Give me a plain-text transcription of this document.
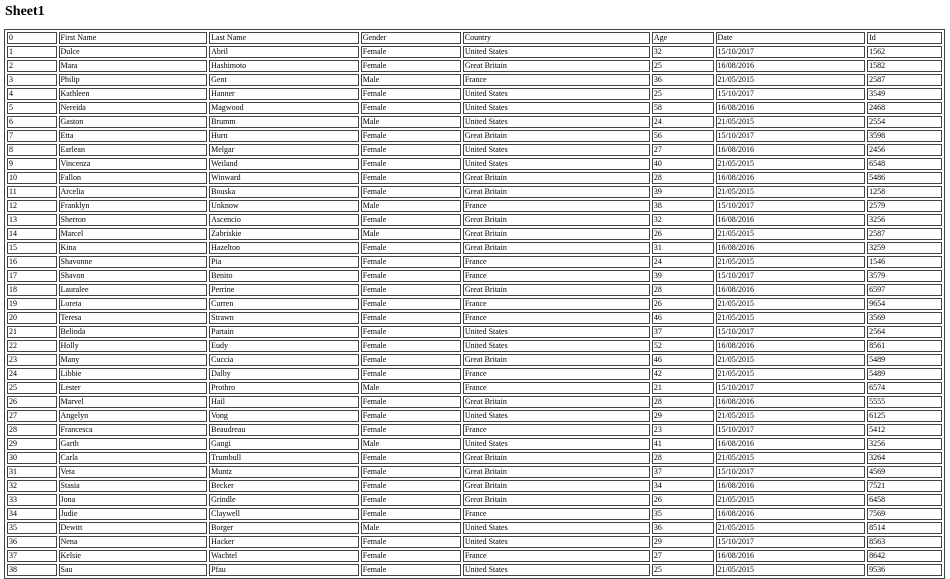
Sheet1
0	First Name	Last Name	Gender	Country	Age	Date	Id
1	Dulce	Abril	Female	United States	32	15/10/2017	1562
2	Mara	Hashimoto	Female	Great Britain	25	16/08/2016	1582
3	Philip	Gent	Male	France	36	21/05/2015	2587
4	Kathleen	Hanner	Female	United States	25	15/10/2017	3549
5	Nereida	Magwood	Female	United States	58	16/08/2016	2468
6	Gaston	Brumm	Male	United States	24	21/05/2015	2554
7	Etta	Hurn	Female	Great Britain	56	15/10/2017	3598
8	Earlean	Melgar	Female	United States	27	16/08/2016	2456
9	Vincenza	Weiland	Female	United States	40	21/05/2015	6548
10	Fallon	Winward	Female	Great Britain	28	16/08/2016	5486
11	Arcelia	Bouska	Female	Great Britain	39	21/05/2015	1258
12	Franklyn	Unknow	Male	France	38	15/10/2017	2579
13	Sherron	Ascencio	Female	Great Britain	32	16/08/2016	3256
14	Marcel	Zabriskie	Male	Great Britain	26	21/05/2015	2587
15	Kina	Hazelton	Female	Great Britain	31	16/08/2016	3259
16	Shavonne	Pia	Female	France	24	21/05/2015	1546
17	Shavon	Benito	Female	France	39	15/10/2017	3579
18	Lauralee	Perrine	Female	Great Britain	28	16/08/2016	6597
19	Loreta	Curren	Female	France	26	21/05/2015	9654
20	Teresa	Strawn	Female	France	46	21/05/2015	3569
21	Belinda	Partain	Female	United States	37	15/10/2017	2564
22	Holly	Eudy	Female	United States	52	16/08/2016	8561
23	Many	Cuccia	Female	Great Britain	46	21/05/2015	5489
24	Libbie	Dalby	Female	France	42	21/05/2015	5489
25	Lester	Prothro	Male	France	21	15/10/2017	6574
26	Marvel	Hail	Female	Great Britain	28	16/08/2016	5555
27	Angelyn	Vong	Female	United States	29	21/05/2015	6125
28	Francesca	Beaudreau	Female	France	23	15/10/2017	5412
29	Garth	Gangi	Male	United States	41	16/08/2016	3256
30	Carla	Trumbull	Female	Great Britain	28	21/05/2015	3264
31	Veta	Muntz	Female	Great Britain	37	15/10/2017	4569
32	Stasia	Becker	Female	Great Britain	34	16/08/2016	7521
33	Jona	Grindle	Female	Great Britain	26	21/05/2015	6458
34	Judie	Claywell	Female	France	35	16/08/2016	7569
35	Dewitt	Borger	Male	United States	36	21/05/2015	8514
36	Nena	Hacker	Female	United States	29	15/10/2017	8563
37	Kelsie	Wachtel	Female	France	27	16/08/2016	8642
38	Sau	Pfau	Female	United States	25	21/05/2015	9536
